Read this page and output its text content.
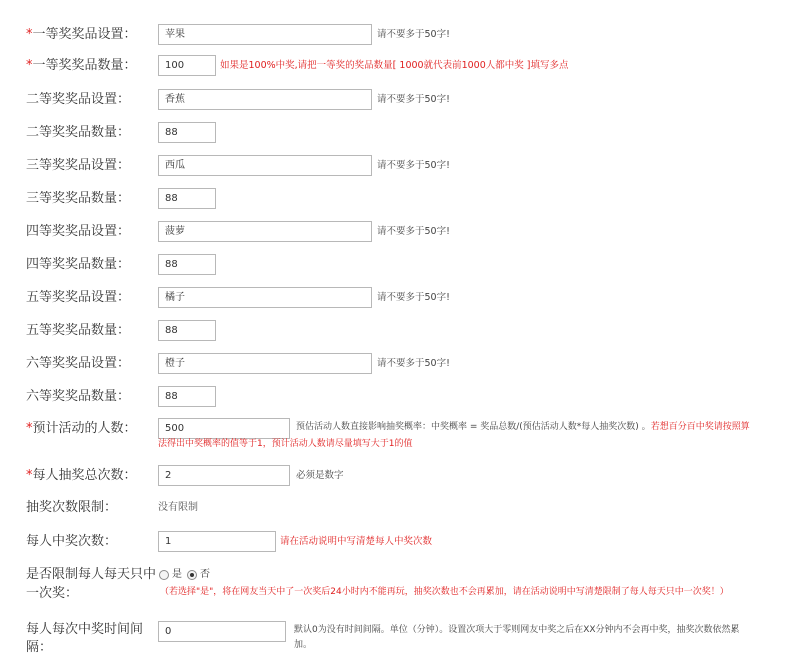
*一等奖奖品设置：	苹果	请不要多于50字!
*一等奖奖品数量：	100	如果是100%中奖,请把一等奖的奖品数量[ 1000就代表前1000人都中奖 ]填写多点
二等奖奖品设置：	香蕉	请不要多于50字!
二等奖奖品数量：	88
三等奖奖品设置：	西瓜	请不要多于50字!
三等奖奖品数量：	88
四等奖奖品设置：	菠萝	请不要多于50字!
四等奖奖品数量：	88
五等奖奖品设置：	橘子	请不要多于50字!
五等奖奖品数量：	88
六等奖奖品设置：	橙子	请不要多于50字!
六等奖奖品数量：	88
*预计活动的人数：	500	预估活动人数直接影响抽奖概率：中奖概率 = 奖品总数/(预估活动人数*每人抽奖次数) 。若想百分百中奖请按照算
法得出中奖概率的值等于1，预计活动人数请尽量填写大于1的值
*每人抽奖总次数：	2	必须是数字
抽奖次数限制：	没有限制
每人中奖次数：	1	请在活动说明中写清楚每人中奖次数
是否限制每人每天只中
一次奖：
是 否
（若选择"是"，将在网友当天中了一次奖后24小时内不能再玩，抽奖次数也不会再累加，请在活动说明中写清楚限制了每人每天只中一次奖！）
每人每次中奖时间间
隔：
0	默认0为没有时间间隔。单位（分钟）。设置次项大于零则网友中奖之后在XX分钟内不会再中奖，抽奖次数依然累
加。
